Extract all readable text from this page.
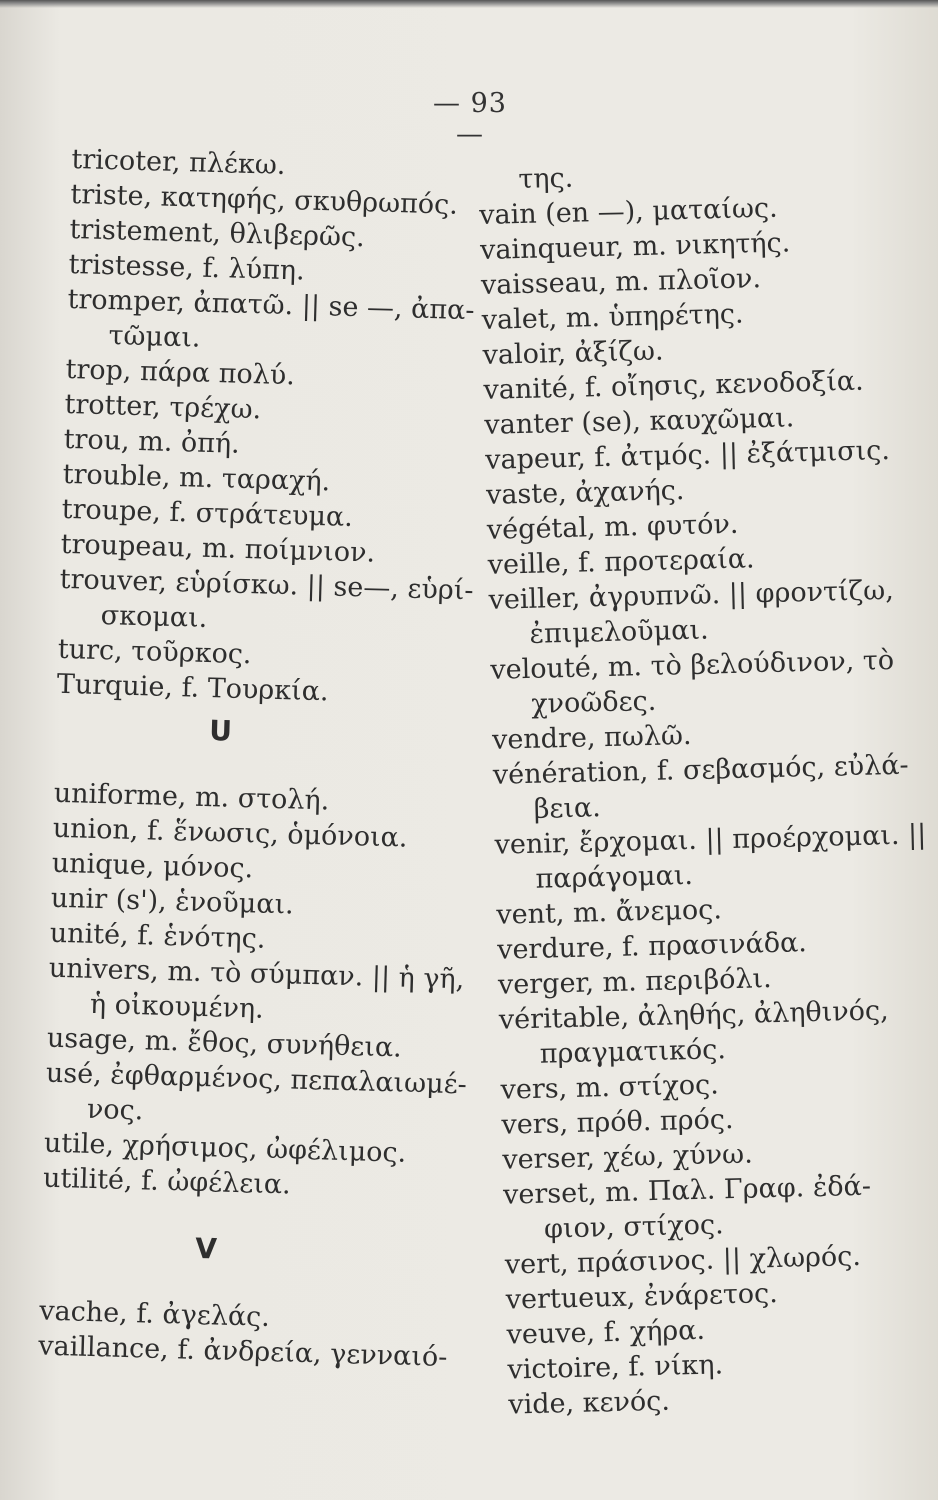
— 93 —
tricoter, πλέκω.
triste, κατηφής, σκυθρωπός.
tristement, θλιβερῶς.
tristesse, f. λύπη.
tromper, ἀπατῶ. || se —, ἀπα-
τῶμαι.
trop, πάρα πολύ.
trotter, τρέχω.
trou, m. ὀπή.
trouble, m. ταραχή.
troupe, f. στράτευμα.
troupeau, m. ποίμνιον.
trouver, εὑρίσκω. || se—, εὑρί-
σκομαι.
turc, τοῦρκος.
Turquie, f. Τουρκία.
U
uniforme, m. στολή.
union, f. ἕνωσις, ὁμόνοια.
unique, μόνος.
unir (s'), ἑνοῦμαι.
unité, f. ἑνότης.
univers, m. τὸ σύμπαν. || ἡ γῆ,
ἡ οἰκουμένη.
usage, m. ἔθος, συνήθεια.
usé, ἐφθαρμένος, πεπαλαιωμέ-
νος.
utile, χρήσιμος, ὠφέλιμος.
utilité, f. ὠφέλεια.
V
vache, f. ἀγελάς.
vaillance, f. ἀνδρεία, γενναιό-
της.
vain (en —), ματαίως.
vainqueur, m. νικητής.
vaisseau, m. πλοῖον.
valet, m. ὑπηρέτης.
valoir, ἀξίζω.
vanité, f. οἴησις, κενοδοξία.
vanter (se), καυχῶμαι.
vapeur, f. ἀτμός. || ἐξάτμισις.
vaste, ἀχανής.
végétal, m. φυτόν.
veille, f. προτεραία.
veiller, ἀγρυπνῶ. || φροντίζω,
ἐπιμελοῦμαι.
velouté, m. τὸ βελούδινον, τὸ
χνοῶδες.
vendre, πωλῶ.
vénération, f. σεβασμός, εὐλά-
βεια.
venir, ἔρχομαι. || προέρχομαι. ||
παράγομαι.
vent, m. ἄνεμος.
verdure, f. πρασινάδα.
verger, m. περιβόλι.
véritable, ἀληθής, ἀληθινός,
πραγματικός.
vers, m. στίχος.
vers, πρόθ. πρός.
verser, χέω, χύνω.
verset, m. Παλ. Γραφ. ἐδά-
φιον, στίχος.
vert, πράσινος. || χλωρός.
vertueux, ἐνάρετος.
veuve, f. χήρα.
victoire, f. νίκη.
vide, κενός.
